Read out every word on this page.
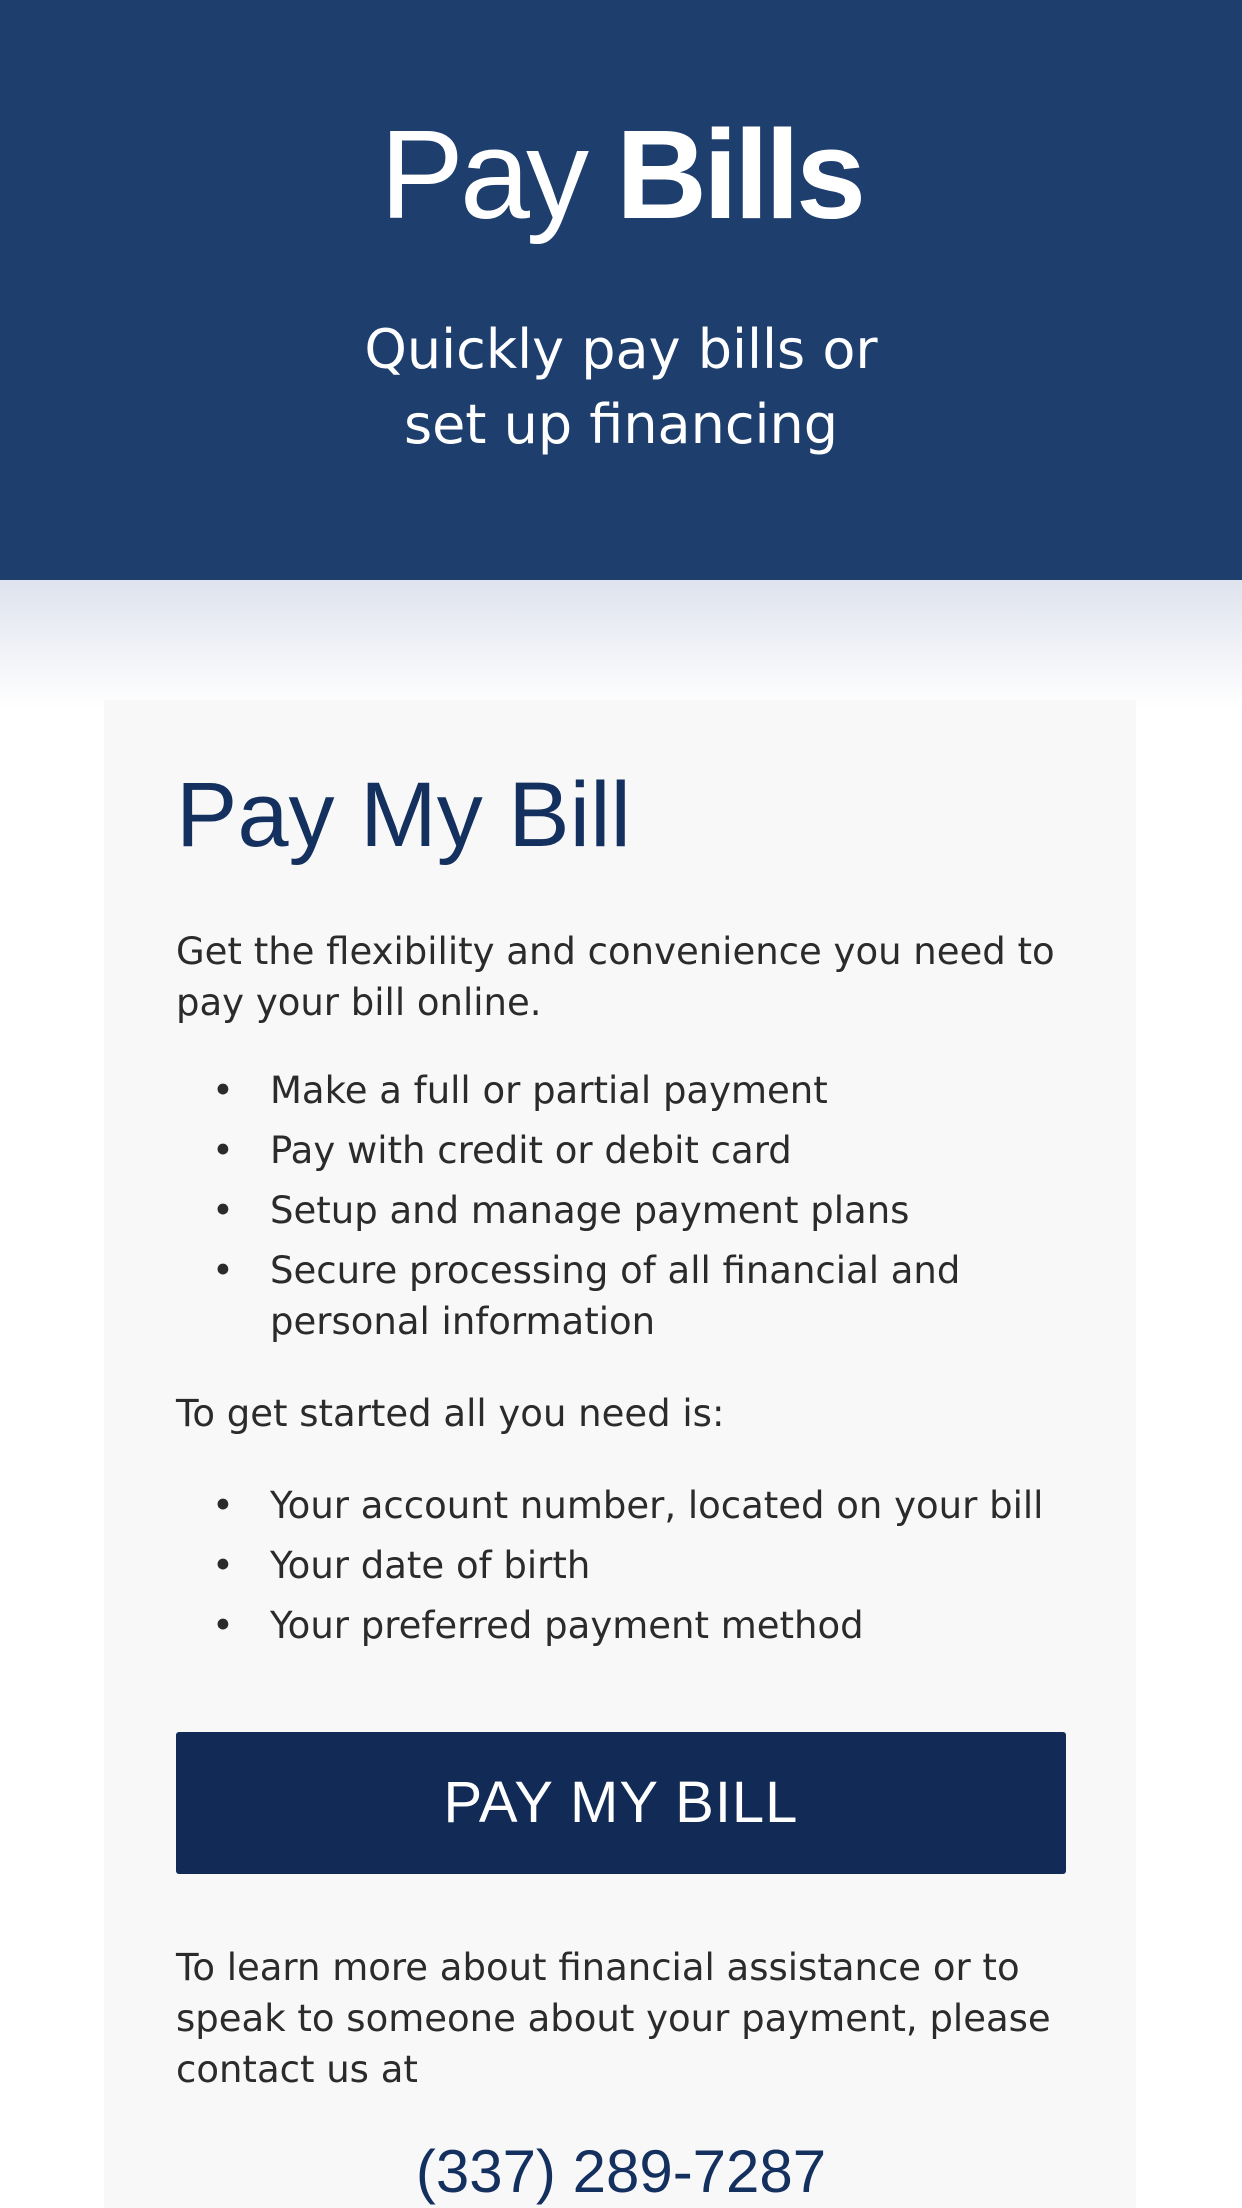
Pay Bills
Quickly pay bills or
set up financing
Pay My Bill

Get the flexibility and convenience you need to pay your bill online.

• Make a full or partial payment
• Pay with credit or debit card
• Setup and manage payment plans
• Secure processing of all financial and personal information

To get started all you need is:

• Your account number, located on your bill
• Your date of birth
• Your preferred payment method
PAY MY BILL

To learn more about financial assistance or to speak to someone about your payment, please contact us at

(337) 289-7287
